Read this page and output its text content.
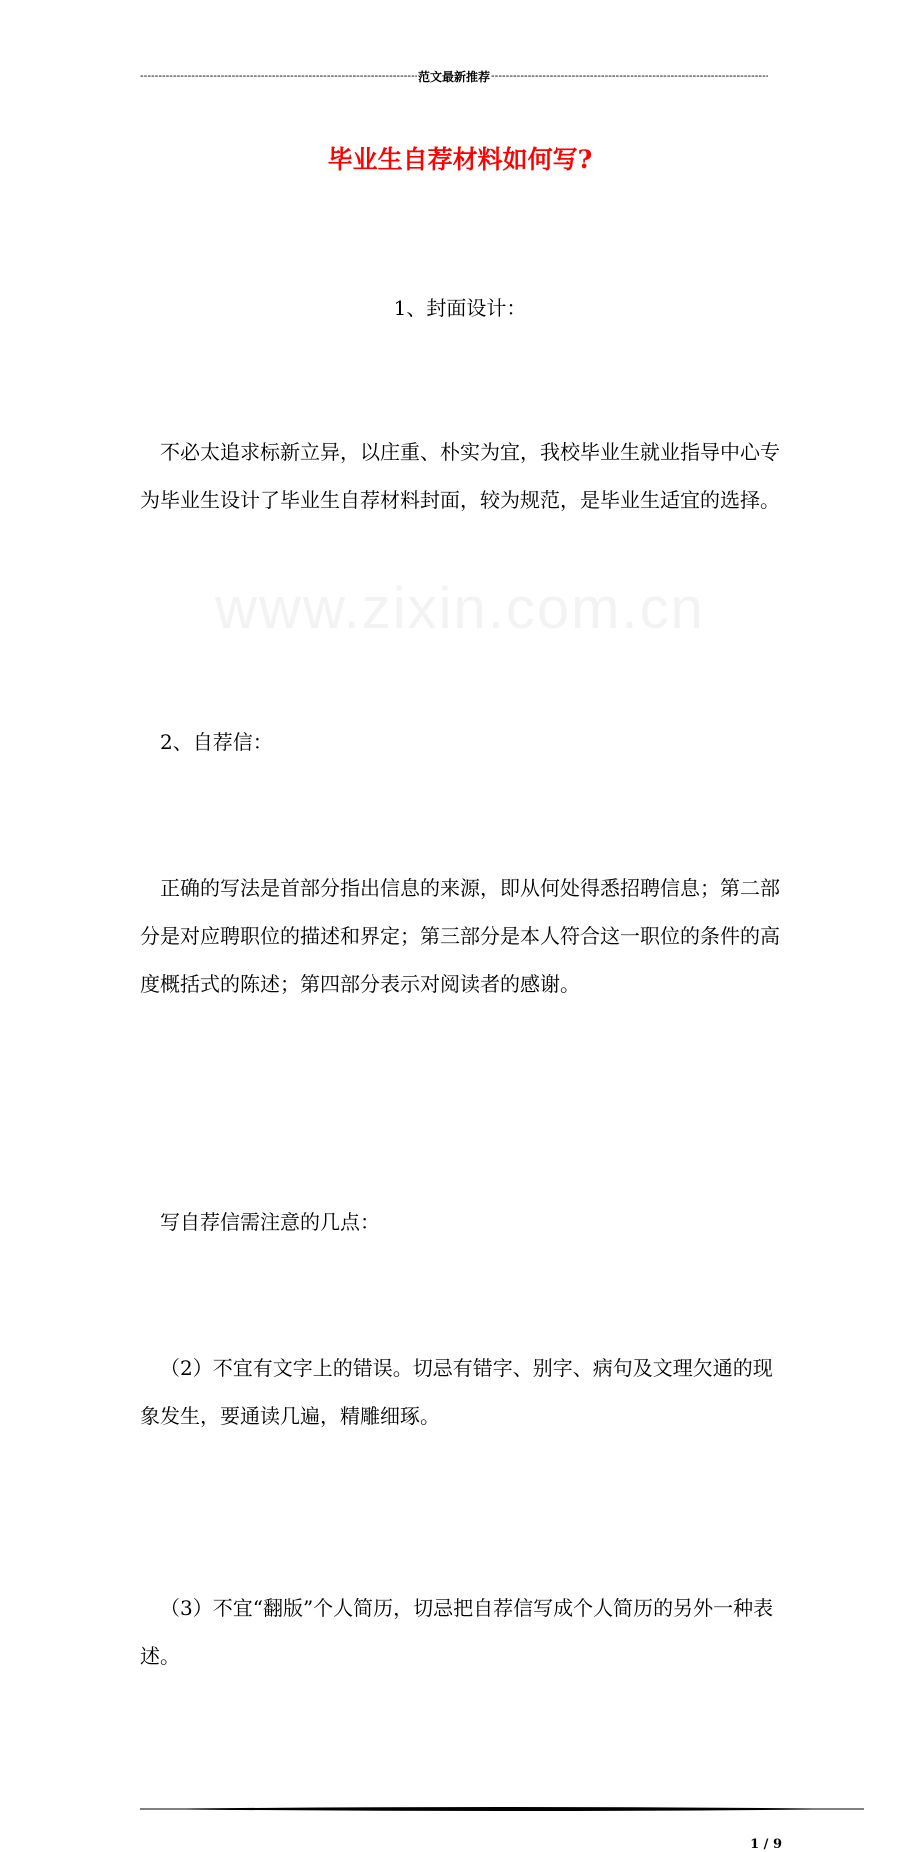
www.zixin.com.cn
-----
范文最新推荐
-----
毕业生自荐材料如何写?
1、封面设计：

不必太追求标新立异，以庄重、朴实为宜，我校毕业生就业指导中心专为毕业生设计了毕业生自荐材料封面，较为规范，是毕业生适宜的选择。

2、自荐信：

正确的写法是首部分指出信息的来源，即从何处得悉招聘信息；第二部分是对应聘职位的描述和界定；第三部分是本人符合这一职位的条件的高度概括式的陈述；第四部分表示对阅读者的感谢。

写自荐信需注意的几点：

（2）不宜有文字上的错误。切忌有错字、别字、病句及文理欠通的现象发生，要通读几遍，精雕细琢。

（3）不宜“翻版”个人简历，切忌把自荐信写成个人简历的另外一种表述。

1 / 9
